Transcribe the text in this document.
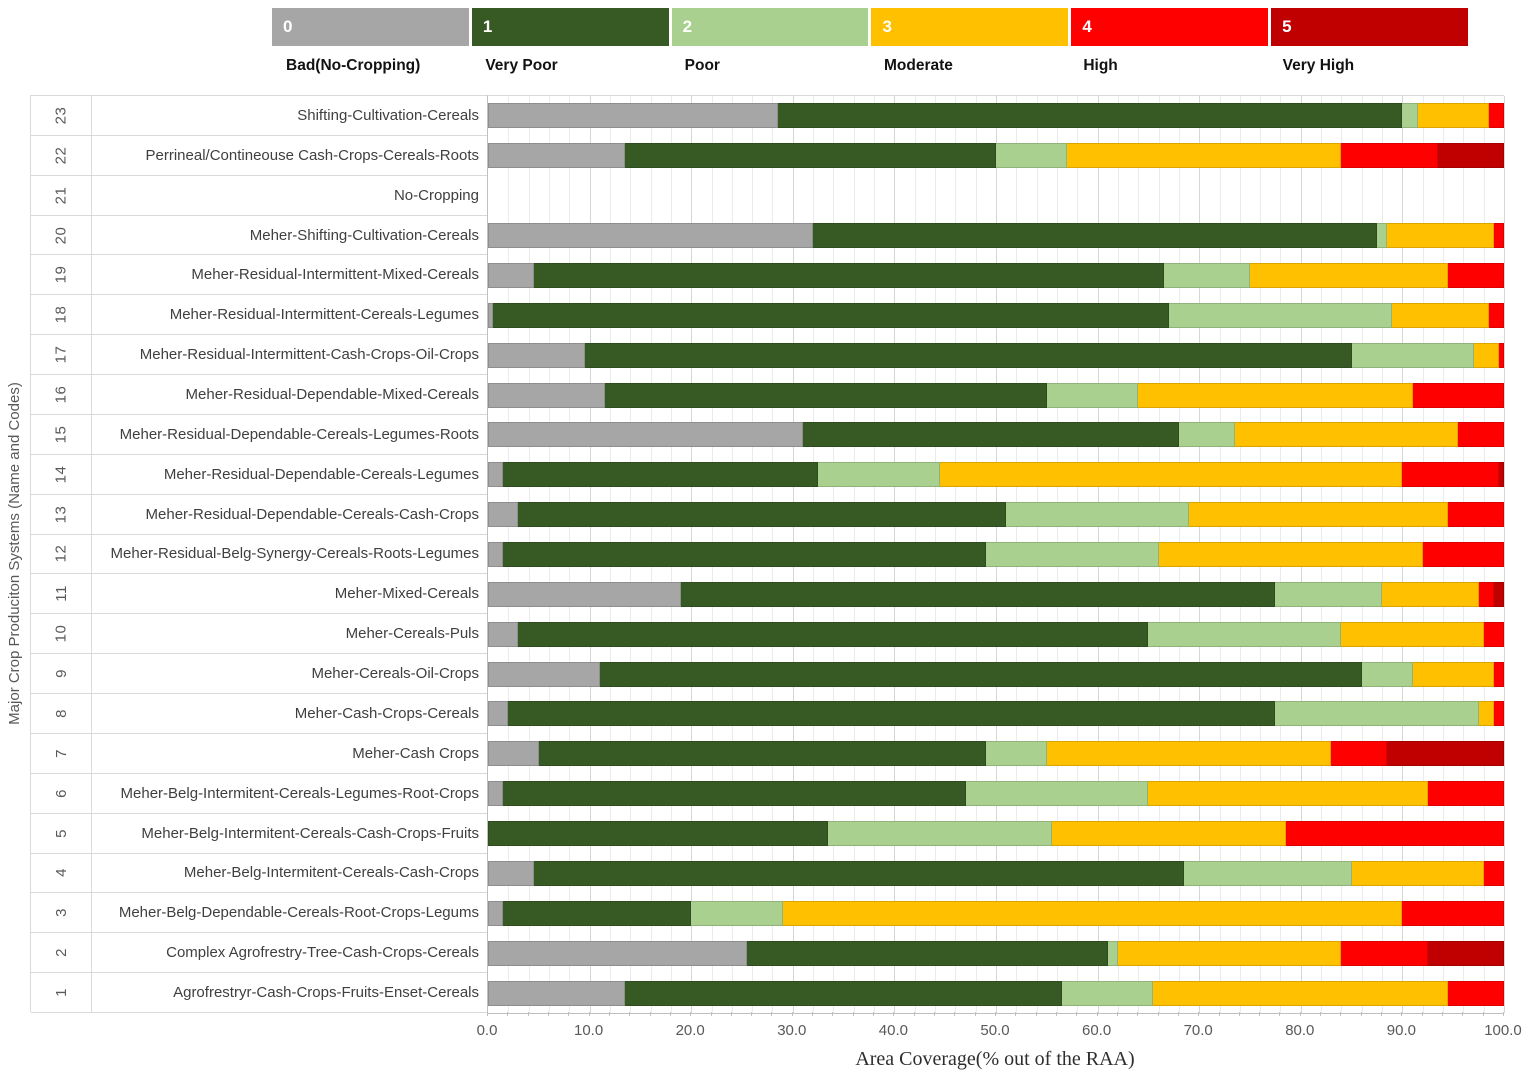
0	1	2	3	4	5
Bad(No-Cropping)	Very Poor	Poor	Moderate	High	Very High
23	Shifting-Cultivation-Cereals
22	Perrineal/Contineouse Cash-Crops-Cereals-Roots
21	No-Cropping
20	Meher-Shifting-Cultivation-Cereals
19	Meher-Residual-Intermittent-Mixed-Cereals
18	Meher-Residual-Intermittent-Cereals-Legumes
17	Meher-Residual-Intermittent-Cash-Crops-Oil-Crops
16	Meher-Residual-Dependable-Mixed-Cereals
15	Meher-Residual-Dependable-Cereals-Legumes-Roots
14	Meher-Residual-Dependable-Cereals-Legumes
13	Meher-Residual-Dependable-Cereals-Cash-Crops
12	Meher-Residual-Belg-Synergy-Cereals-Roots-Legumes
11	Meher-Mixed-Cereals
10	Meher-Cereals-Puls
9	Meher-Cereals-Oil-Crops
8	Meher-Cash-Crops-Cereals
7	Meher-Cash Crops
6	Meher-Belg-Intermitent-Cereals-Legumes-Root-Crops
5	Meher-Belg-Intermitent-Cereals-Cash-Crops-Fruits
4	Meher-Belg-Intermitent-Cereals-Cash-Crops
3	Meher-Belg-Dependable-Cereals-Root-Crops-Legums
2	Complex Agrofrestry-Tree-Cash-Crops-Cereals
1	Agrofrestryr-Cash-Crops-Fruits-Enset-Cereals
0.0	10.0	20.0	30.0	40.0	50.0	60.0	70.0	80.0	90.0	100.0
Area Coverage(% out of the RAA)
Major Crop Produciton Systems (Name and Codes)
